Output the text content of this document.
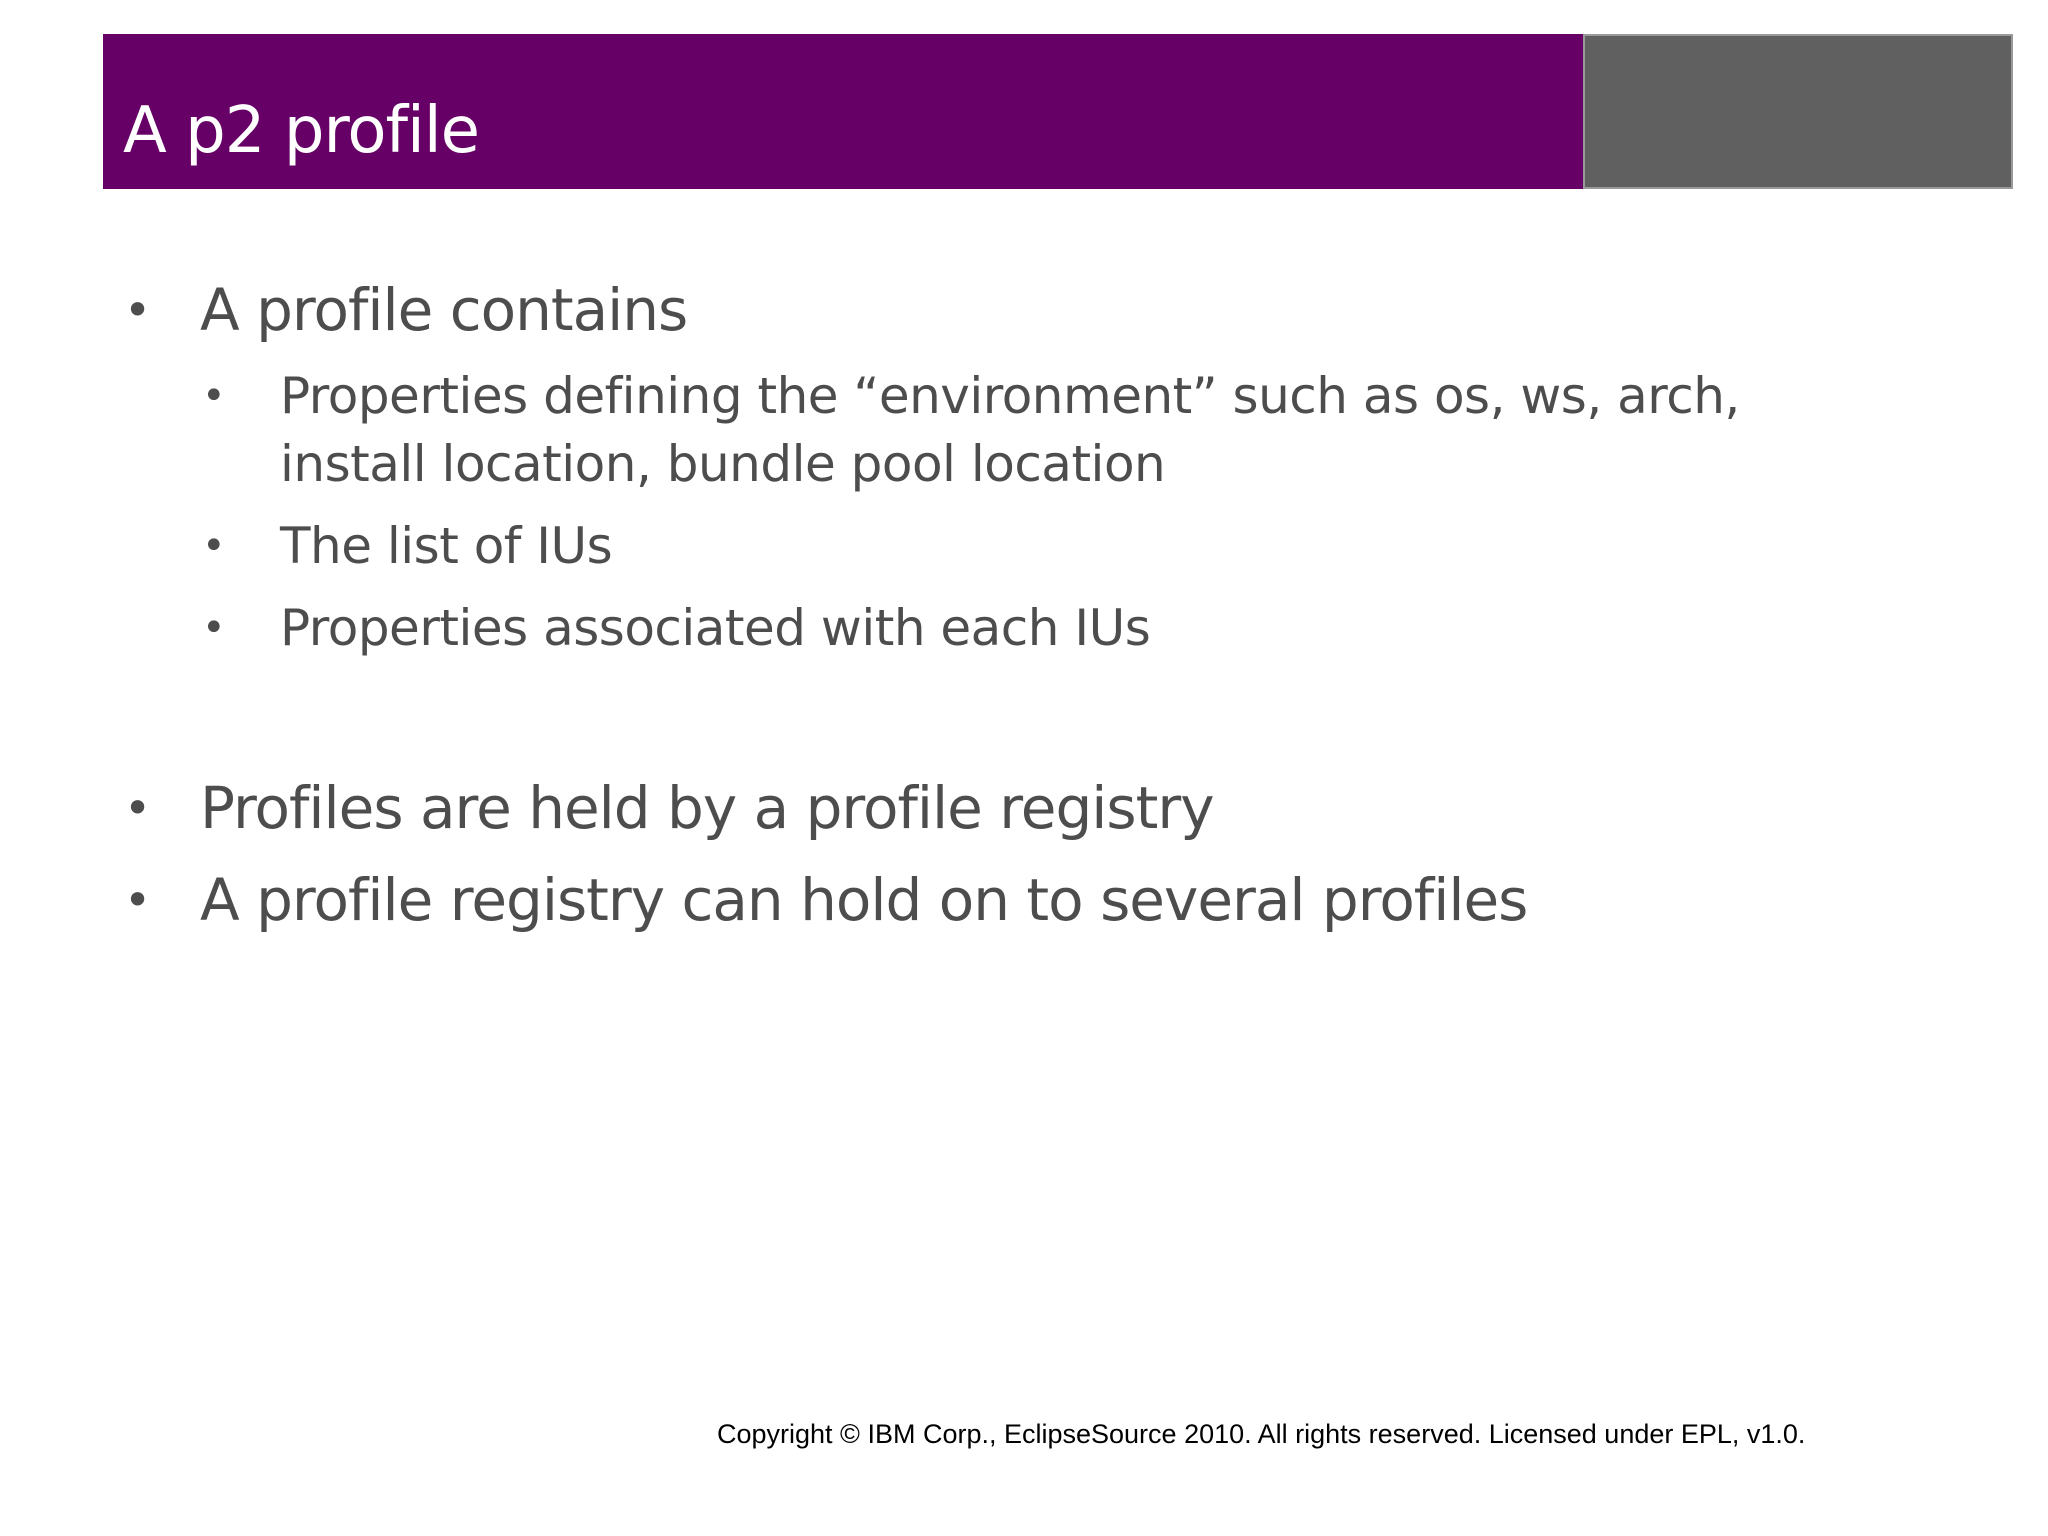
A p2 profile
• A profile contains
• Properties defining the “environment” such as os, ws, arch,
install location, bundle pool location
• The list of IUs
• Properties associated with each IUs
• Profiles are held by a profile registry
• A profile registry can hold on to several profiles
Copyright © IBM Corp., EclipseSource 2010. All rights reserved. Licensed under EPL, v1.0.
